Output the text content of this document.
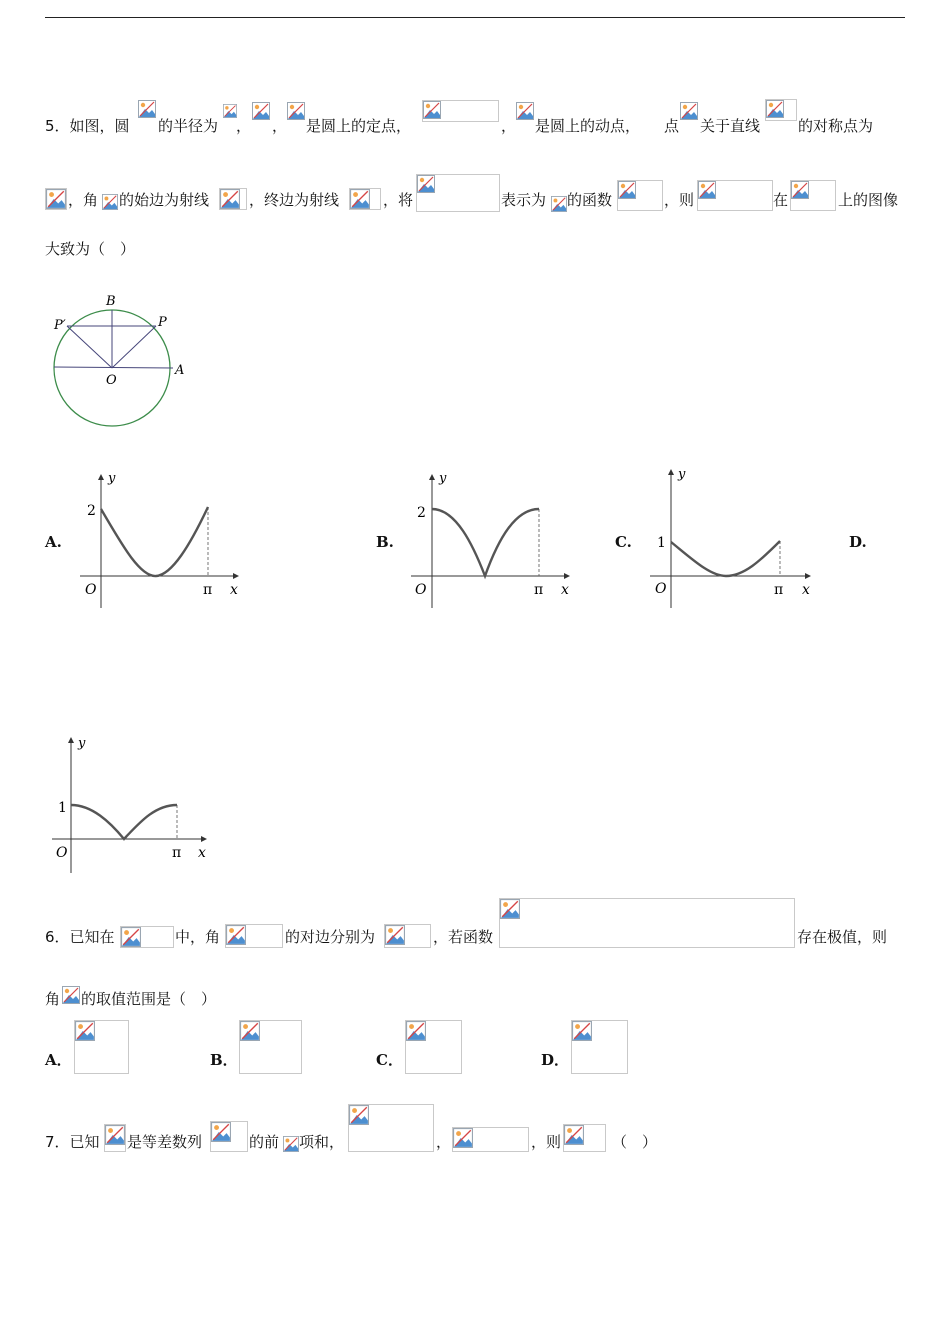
5．如图，圆 的半径为 ， ， 是圆上的定点，	， 是圆上的动点， 点 关于直线	的对称点为
，角 的始边为射线	，终边为射线	，将	表示为 的函数	，则	在	上的图像
大致为（　）
B
P′	P
O
A
A.	B.	C.	D.
y
2
O	π x
y
2
O	π x
y
1
O	π x
y
1
O	π x
6．已知在	中，角	的对边分别为	，若函数	存在极值，则
角 的取值范围是（　）
A．	B．	C．	D．
7．已知 是等差数列	的前 项和，	，	，则	（　）
